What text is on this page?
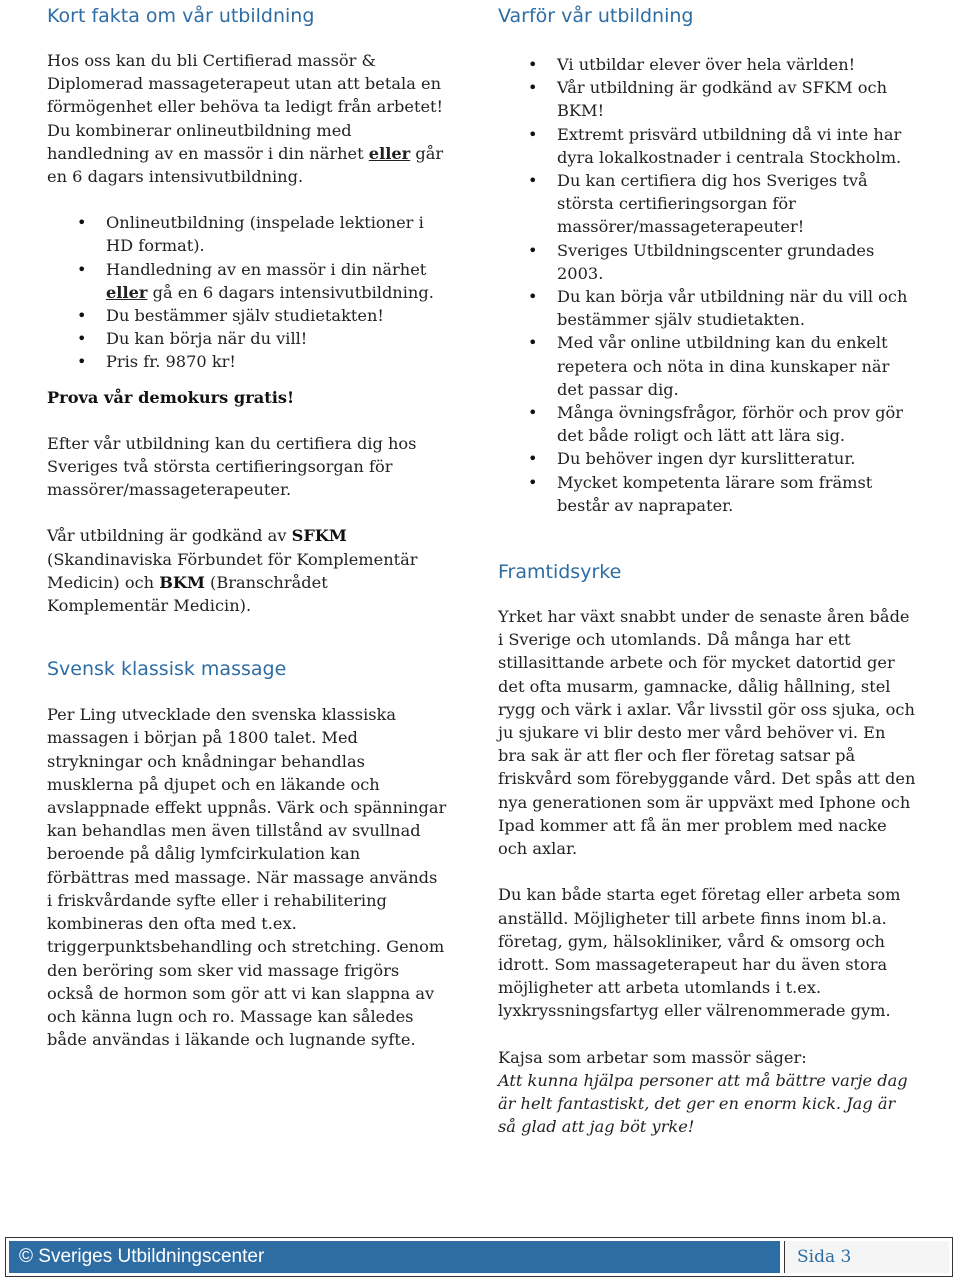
Kort fakta om vår utbildning

Hos oss kan du bli Certifierad massör & Diplomerad massageterapeut utan att betala en förmögenhet eller behöva ta ledigt från arbetet! Du kombinerar onlineutbildning med handledning av en massör i din närhet eller går en 6 dagars intensivutbildning.

• Onlineutbildning (inspelade lektioner i HD format).
• Handledning av en massör i din närhet eller gå en 6 dagars intensivutbildning.
• Du bestämmer själv studietakten!
• Du kan börja när du vill!
• Pris fr. 9870 kr!

Prova vår demokurs gratis!

Efter vår utbildning kan du certifiera dig hos Sveriges två största certifieringsorgan för massörer/massageterapeuter.

Vår utbildning är godkänd av SFKM (Skandinaviska Förbundet för Komplementär Medicin) och BKM (Branschrådet Komplementär Medicin).

Svensk klassisk massage

Per Ling utvecklade den svenska klassiska massagen i början på 1800 talet. Med strykningar och knådningar behandlas musklerna på djupet och en läkande och avslappnade effekt uppnås. Värk och spänningar kan behandlas men även tillstånd av svullnad beroende på dålig lymfcirkulation kan förbättras med massage. När massage används i friskvårdande syfte eller i rehabilitering kombineras den ofta med t.ex. triggerpunktsbehandling och stretching. Genom den beröring som sker vid massage frigörs också de hormon som gör att vi kan slappna av och känna lugn och ro. Massage kan således både användas i läkande och lugnande syfte.

Varför vår utbildning
• Vi utbildar elever över hela världen!
• Vår utbildning är godkänd av SFKM och BKM!
• Extremt prisvärd utbildning då vi inte har dyra lokalkostnader i centrala Stockholm.
• Du kan certifiera dig hos Sveriges två största certifieringsorgan för massörer/massageterapeuter!
• Sveriges Utbildningscenter grundades 2003.
• Du kan börja vår utbildning när du vill och bestämmer själv studietakten.
• Med vår online utbildning kan du enkelt repetera och nöta in dina kunskaper när det passar dig.
• Många övningsfrågor, förhör och prov gör det både roligt och lätt att lära sig.
• Du behöver ingen dyr kurslitteratur.
• Mycket kompetenta lärare som främst består av naprapater.
Framtidsyrke

Yrket har växt snabbt under de senaste åren både i Sverige och utomlands. Då många har ett stillasittande arbete och för mycket datortid ger det ofta musarm, gamnacke, dålig hållning, stel rygg och värk i axlar. Vår livsstil gör oss sjuka, och ju sjukare vi blir desto mer vård behöver vi. En bra sak är att fler och fler företag satsar på friskvård som förebyggande vård. Det spås att den nya generationen som är uppväxt med Iphone och Ipad kommer att få än mer problem med nacke och axlar.

Du kan både starta eget företag eller arbeta som anställd. Möjligheter till arbete finns inom bl.a. företag, gym, hälsokliniker, vård & omsorg och idrott. Som massageterapeut har du även stora möjligheter att arbeta utomlands i t.ex. lyxkryssningsfartyg eller välrenommerade gym.

Kajsa som arbetar som massör säger:

Att kunna hjälpa personer att må bättre varje dag är helt fantastiskt, det ger en enorm kick. Jag är så glad att jag böt yrke!

© Sveriges Utbildningscenter	Sida 3
